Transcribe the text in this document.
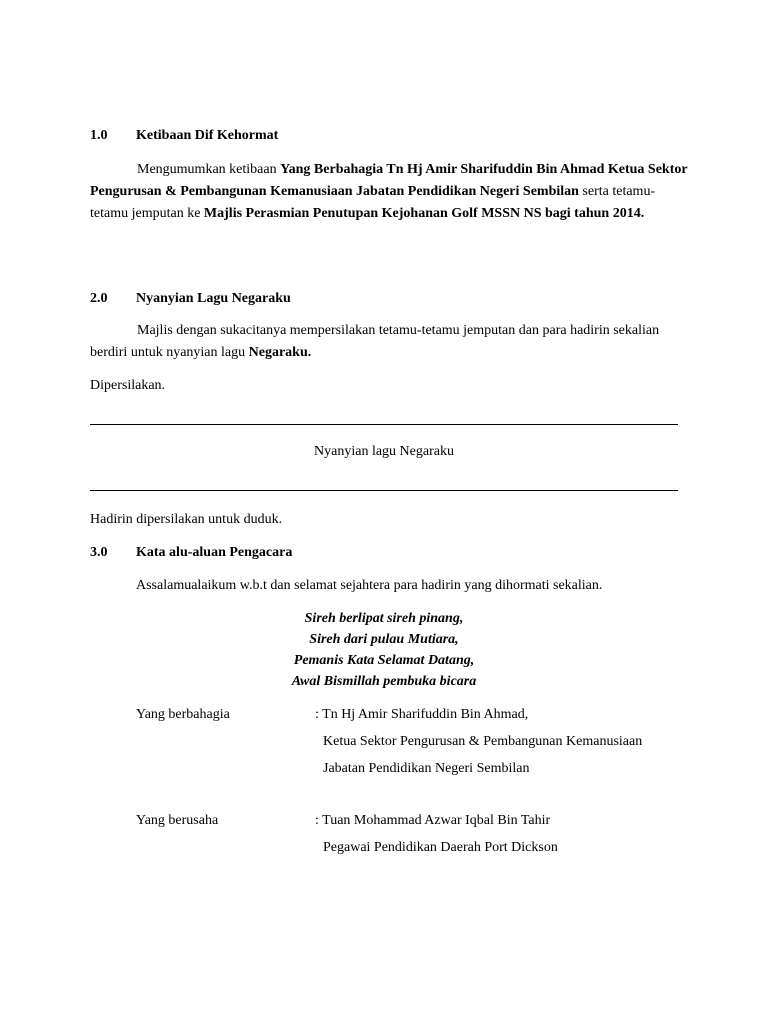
1.0 Ketibaan Dif Kehormat
Mengumumkan ketibaan Yang Berbahagia Tn Hj Amir Sharifuddin Bin Ahmad Ketua Sektor Pengurusan & Pembangunan Kemanusiaan Jabatan Pendidikan Negeri Sembilan serta tetamu-tetamu jemputan ke Majlis Perasmian Penutupan Kejohanan Golf MSSN NS bagi tahun 2014.
2.0 Nyanyian Lagu Negaraku
Majlis dengan sukacitanya mempersilakan tetamu-tetamu jemputan dan para hadirin sekalian berdiri untuk nyanyian lagu Negaraku.
Dipersilakan.
Nyanyian lagu Negaraku
Hadirin dipersilakan untuk duduk.
3.0 Kata alu-aluan Pengacara
Assalamualaikum w.b.t dan selamat sejahtera para hadirin yang dihormati sekalian.
Sireh berlipat sireh pinang,
Sireh dari pulau Mutiara,
Pemanis Kata Selamat Datang,
Awal Bismillah pembuka bicara
Yang berbahagia	: Tn Hj Amir Sharifuddin Bin Ahmad,
Ketua Sektor Pengurusan & Pembangunan Kemanusiaan
Jabatan Pendidikan Negeri Sembilan
Yang berusaha	: Tuan Mohammad Azwar Iqbal Bin Tahir
Pegawai Pendidikan Daerah Port Dickson
